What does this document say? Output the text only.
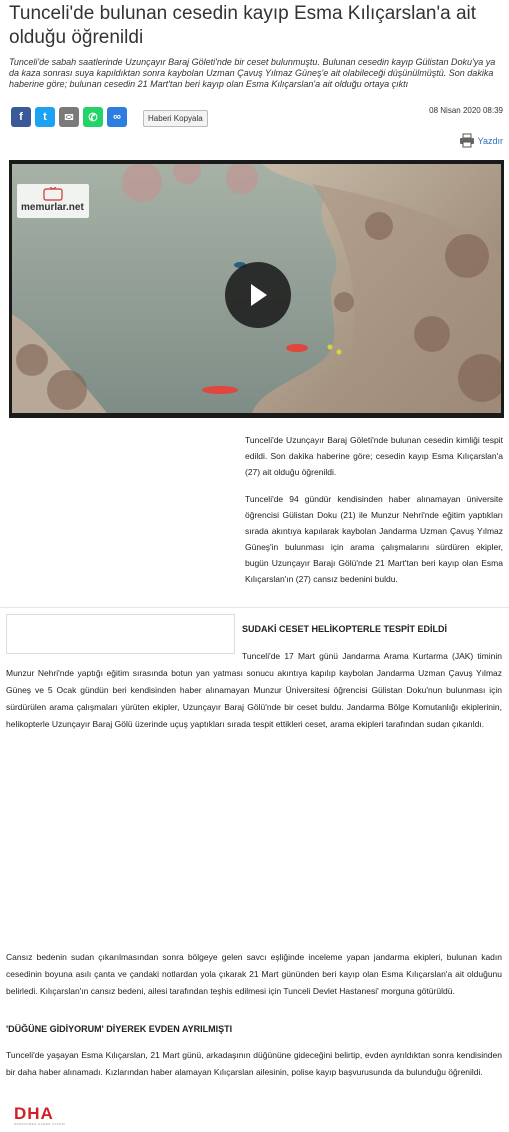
Tunceli'de bulunan cesedin kayıp Esma Kılıçarslan'a ait olduğu öğrenildi

Tunceli'de sabah saatlerinde Uzunçayır Baraj Göleti'nde bir ceset bulunmuştu. Bulunan cesedin kayıp Gülistan Doku'ya ya da kaza sonrası suya kapıldıktan sonra kaybolan Uzman Çavuş Yılmaz Güneş'e ait olabileceği düşünülmüştü. Son dakika haberine göre; bulunan cesedin 21 Mart'tan beri kayıp olan Esma Kılıçarslan'a ait olduğu ortaya çıktı

f t ✉ ✆ ∞	Haberi Kopyala
08 Nisan 2020 08:39
Yazdır
memurlar.net

Tunceli'de Uzunçayır Baraj Göleti'nde bulunan cesedin kimliği tespit edildi. Son dakika haberine göre; cesedin kayıp Esma Kılıçarslan'a (27) ait olduğu öğrenildi.

Tunceli'de 94 gündür kendisinden haber alınamayan üniversite öğrencisi Gülistan Doku (21) ile Munzur Nehri'nde eğitim yaptıkları sırada akıntıya kapılarak kaybolan Jandarma Uzman Çavuş Yılmaz Güneş'in bulunması için arama çalışmalarını sürdüren ekipler, bugün Uzunçayır Barajı Gölü'nde 21 Mart'tan beri kayıp olan Esma Kılıçarslan'ın (27) cansız bedenini buldu.

SUDAKİ CESET HELİKOPTERLE TESPİT EDİLDİ

Tunceli'de 17 Mart günü Jandarma Arama Kurtarma (JAK) timinin Munzur Nehri'nde yaptığı eğitim sırasında botun yan yatması sonucu akıntıya kapılıp kaybolan Jandarma Uzman Çavuş Yılmaz Güneş ve 5 Ocak gündün beri kendisinden haber alınamayan Munzur Üniversitesi öğrencisi Gülistan Doku'nun bulunması için sürdürülen arama çalışmaları yürüten ekipler, Uzunçayır Baraj Gölü'nde bir ceset buldu. Jandarma Bölge Komutanlığı ekiplerinin, helikopterle Uzunçayır Baraj Gölü üzerinde uçuş yaptıkları sırada tespit ettikleri ceset, arama ekipleri tarafından sudan çıkarıldı.

Cansız bedenin sudan çıkarılmasından sonra bölgeye gelen savcı eşliğinde inceleme yapan jandarma ekipleri, bulunan kadın cesedinin boyuna asılı çanta ve çandaki notlardan yola çıkarak 21 Mart gününden beri kayıp olan Esma Kılıçarslan'a ait olduğunu belirledi. Kılıçarslan'ın cansız bedeni, ailesi tarafından teşhis edilmesi için Tunceli Devlet Hastanesi' morguna götürüldü.

'DÜĞÜNE GİDİYORUM' DİYEREK EVDEN AYRILMIŞTI

Tunceli'de yaşayan Esma Kılıçarslan, 21 Mart günü, arkadaşının düğününe gideceğini belirtip, evden ayrıldıktan sonra kendisinden bir daha haber alınamadı. Kızlarından haber alamayan Kılıçarslan ailesinin, polise kayıp başvurusunda da bulunduğu öğrenildi.

DHA
DEMİRÖREN HABER AJANSI
